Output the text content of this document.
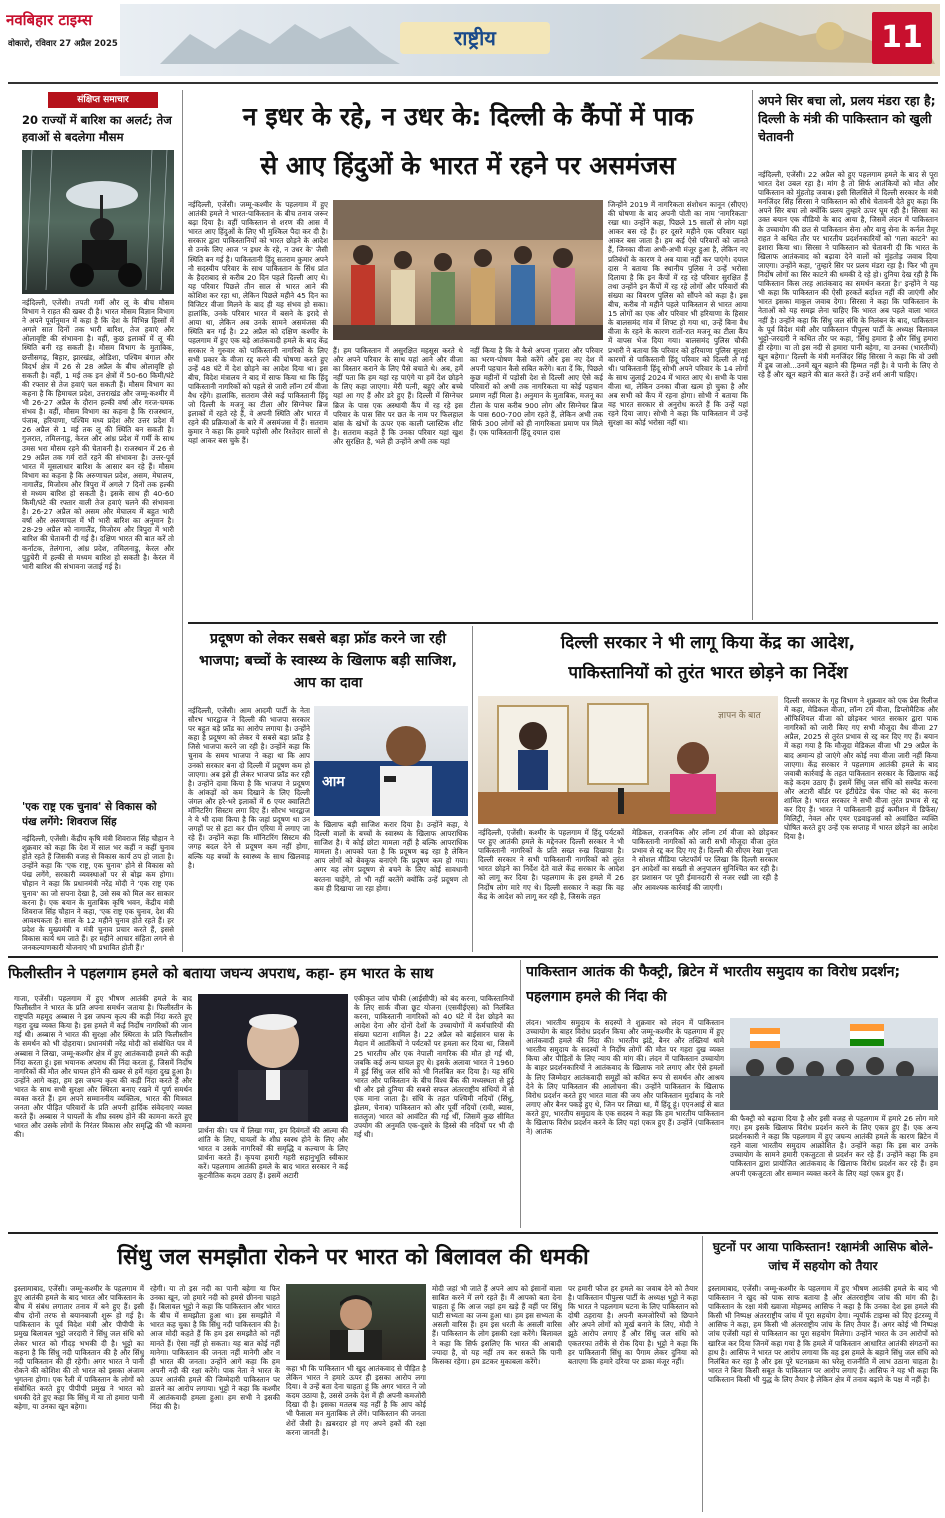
नवबिहार टाइम्स
वोकारो, रविवार 27 अप्रैल 2025	राष्ट्रीय	11
संक्षिप्त समाचार
20 राज्यों में बारिश का अलर्ट; तेज हवाओं से बदलेगा मौसम

नईदिल्ली, एजेंसी। तपती गर्मी और लू के बीच मौसम विभाग ने राहत की खबर दी है। भारत मौसम विज्ञान विभाग ने अपने पूर्वानुमान में कहा है कि देश के विभिन्न हिस्सों में अगले सात दिनों तक भारी बारिश, तेज हवाएं और ओलावृष्टि की संभावना है। वहीं, कुछ इलाकों में लू की स्थिति बनी रह सकती है। मौसम विभाग के मुताबिक, छत्तीसगढ़, बिहार, झारखंड, ओडिशा, पश्चिम बंगाल और विदर्भ क्षेत्र में 26 से 28 अप्रैल के बीच ओलावृष्टि हो सकती है। वहीं, 1 मई तक इन क्षेत्रों में 50-60 किमी/घंटे की रफ्तार से तेज हवाएं चल सकती हैं। मौसम विभाग का कहना है कि हिमाचल प्रदेश, उत्तराखंड और जम्मू-कश्मीर में भी 26-27 अप्रैल के दौरान हल्की वर्षा और गरज-चमक संभव है। वहीं, मौसम विभाग का कहना है कि राजस्थान, पंजाब, हरियाणा, पश्चिम मध्य प्रदेश और उत्तर प्रदेश में 26 अप्रैल से 1 मई तक लू की स्थिति बन सकती है। गुजरात, तमिलनाडु, केरल और आंध्र प्रदेश में गर्मी के साथ उमस भरा मौसम रहने की चेतावनी है। राजस्थान में 26 से 29 अप्रैल तक गर्म रातें रहने की संभावना है। उत्तर-पूर्व भारत में मूसलाधार बारिश के आसार बन रहे हैं। मौसम विभाग का कहना है कि अरुणाचल प्रदेश, असम, मेघालय, नागालैंड, मिजोरम और त्रिपुरा में अगले 7 दिनों तक हल्की से मध्यम बारिश हो सकती है। इसके साथ ही 40-60 किमी/घंटे की रफ्तार वाली तेज हवाएं चलने की संभावना है। 26-27 अप्रैल को असम और मेघालय में बहुत भारी वर्षा और अरुणाचल में भी भारी बारिश का अनुमान है। 28-29 अप्रैल को नागालैंड, मिजोरम और त्रिपुरा में भारी बारिश की चेतावनी दी गई है। दक्षिण भारत की बात करें तो कर्नाटक, तेलंगाना, आंध्र प्रदेश, तमिलनाडु, केरल और पुडुचेरी में हल्की से मध्यम बारिश हो सकती है। केरल में भारी बारिश की संभावना जताई गई है।

'एक राष्ट्र एक चुनाव' से विकास को पंख लगेंगे: शिवराज सिंह

नईदिल्ली, एजेंसी। केंद्रीय कृषि मंत्री शिवराज सिंह चौहान ने शुक्रवार को कहा कि देश में साल भर कहीं न कहीं चुनाव होते रहते हैं जिसकी वजह से विकास कार्य ठप हो जाता है। उन्होंने कहा कि 'एक राष्ट्र, एक चुनाव' होने से विकास को पंख लगेंगे, सरकारी व्यवस्थाओं पर से बोझ कम होगा। चौहान ने कहा कि प्रधानमंत्री नरेंद्र मोदी ने 'एक राष्ट्र एक चुनाव' का जो सपना देखा है, उसे सब को मिल कर साकार करना है। एक बयान के मुताबिक कृषि भवन, केंद्रीय मंत्री शिवराज सिंह चौहान ने कहा, 'एक राष्ट्र एक चुनाव, देश की आवश्यकता है। साल के 12 महीने चुनाव होते रहते हैं। हर प्रदेश के मुख्यमंत्री व मंत्री चुनाव प्रचार करते हैं, इससे विकास कार्य थम जाते हैं। हर महीने आचार संहिता लगने से जनकल्याणकारी योजनाएं भी प्रभावित होती हैं।'

न इधर के रहे, न उधर के: दिल्ली के कैंपों में पाक
से आए हिंदुओं के भारत में रहने पर असमंजस

नईदिल्ली, एजेंसी। जम्मू-कश्मीर के पहलगाम में हुए आतंकी हमले ने भारत-पाकिस्तान के बीच तनाव जरूर बढ़ा दिया है। वहीं पाकिस्तान से शरण की आस में भारत आए हिंदुओं के लिए भी मुश्किल पैदा कर दी है। सरकार द्वारा पाकिस्तानियों को भारत छोड़ने के आदेश से उनके लिए आज 'न इधर के रहे, न उधर के' जैसी स्थिति बन गई है। पाकिस्तानी हिंदू सतराम कुमार अपने नौ सदस्यीय परिवार के साथ पाकिस्तान के सिंध प्रांत के हैदराबाद से करीब 20 दिन पहले दिल्ली आए थे। यह परिवार पिछले तीन साल से भारत आने की कोशिश कर रहा था, लेकिन पिछले महीने 45 दिन का विजिटर वीजा मिलने के बाद ही यह संभव हो सका। हालांकि, उनके परिवार भारत में बसने के इरादे से आया था, लेकिन अब उनके सामने असमंजस की स्थिति बन गई है। 22 अप्रैल को दक्षिण कश्मीर के पहलगाम में हुए एक बड़े आतंकवादी हमले के बाद केंद्र सरकार ने गुरुवार को पाकिस्तानी नागरिकों के लिए सभी प्रकार के वीजा रद्द करने की घोषणा करते हुए उन्हें 48 घंटे में देश छोड़ने का आदेश दिया था। इस बीच, विदेश मंत्रालय ने बाद में साफ किया था कि हिंदू पाकिस्तानी नागरिकों को पहले से जारी लॉन्ग टर्म वीजा वैध रहेंगे। हालांकि, सतराम जैसे कई पाकिस्तानी हिंदू जो दिल्ली के मजनू का टीला और सिग्नेचर ब्रिज इलाकों में रहते रहे हैं, वे अपनी स्थिति और भारत में रहने की प्रक्रियाओं के बारे में असमंजस में हैं। सतराम कुमार ने कहा कि हमारे पड़ोसी और रिश्तेदार सालों से यहां आकर बस चुके हैं।

हैं। हम पाकिस्तान में असुरक्षित महसूस करते थे और अपने परिवार के साथ यहां आने और वीजा का विस्तार कराने के लिए पैसे बचाते थे। अब, हमें नहीं पता कि हम यहां रह पाएंगे या हमें देश छोड़ने के लिए कहा जाएगा। मेरी पत्नी, बहुएं और बच्चे यहां आ गए हैं और डरे हुए हैं। दिल्ली में सिग्नेचर ब्रिज के पास एक अस्थायी कैंप में रह रहे इस परिवार के पास सिर पर छत के नाम पर फिलहाल बांस के खंभों के ऊपर एक काली प्लास्टिक शीट है। सतराम कहते हैं कि उनका परिवार यहां खुश और सुरक्षित है, भले ही उन्होंने अभी तक यहां

नहीं किया है कि वे कैसे अपना गुजारा और परिवार का भरण-पोषण कैसे करेंगे और इस नए देश में अपनी पहचान कैसे सबित करेंगे। बता दें कि, पिछले कुछ महीनों में पड़ोसी देश से दिल्ली आए ऐसे कई परिवारों को अभी तक नागरिकता या कोई पहचान प्रमाण नहीं मिला है। अनुमान के मुताबिक, मजनू का टीला के पास करीब 900 लोग और सिग्नेचर ब्रिज के पास 600-700 लोग रहते हैं, लेकिन अभी तक सिर्फ 300 लोगों को ही नागरिकता प्रमाण पत्र मिले हैं। एक पाकिस्तानी हिंदू दयाल दास

जिन्होंने 2019 में नागरिकता संशोधन कानून (सीएए) की घोषणा के बाद अपनी पोती का नाम 'नागरिकता' रखा था। उन्होंने कहा, पिछले 15 सालों से लोग यहां आकर बस रहे हैं। हर दूसरे महीने एक परिवार यहां आकर बस जाता है। हम कई ऐसे परिवारों को जानते हैं, जिनका वीजा अभी-अभी मंजूर हुआ है, लेकिन नए प्रतिबंधों के कारण वे अब यात्रा नहीं कर पाएंगे। दयाल दास ने बताया कि स्थानीय पुलिस ने उन्हें भरोसा दिलाया है कि इन कैंपों में रह रहे परिवार सुरक्षित हैं तथा उन्होंने इन कैंपों में रह रहे लोगों और परिवारों की संख्या का विवरण पुलिस को सौंपने को कहा है। इस बीच, करीब नौ महीने पहले पाकिस्तान से भारत आया 15 लोगों का एक और परिवार भी हरियाणा के हिसार के बालसमंद गांव में शिफ्ट हो गया था, उन्हें बिना वैध वीजा के रहने के कारण रातों-रात मजनू का टीला कैंप में वापस भेज दिया गया। बालसमंद पुलिस चौकी प्रभारी ने बताया कि परिवार को हरियाणा पुलिस सुरक्षा कारणों से पाकिस्तानी हिंदू परिवार को दिल्ली ले गई थी। पाकिस्तानी हिंदू सोभी अपने परिवार के 14 लोगों के साथ जुलाई 2024 में भारत आए थे। सभी के पास वीजा था, लेकिन उनका वीजा खत्म हो चुका है और अब सभी को कैंप में रहना होगा। सोभी ने बताया कि वह भारत सरकार से अनुरोध करते हैं कि उन्हें यहां रहने दिया जाए। सोभी ने कहा कि पाकिस्तान में उन्हें सुरक्षा का कोई भरोसा नहीं था।

अपने सिर बचा लो, प्रलय मंडरा रहा है; दिल्ली के मंत्री की पाकिस्तान को खुली चेतावनी

नईदिल्ली, एजेंसी। 22 अप्रैल को हुए पहलगाम हमले के बाद से पूरा भारत देश उबल रहा है। मांग है तो सिर्फ आतंकियों को मौत और पाकिस्तान को मुंहतोड़ जवाब। इसी सिलसिले में दिल्ली सरकार के मंत्री मनजिंदर सिंह सिरसा ने पाकिस्तान को सीधे चेतावनी देते हुए कहा कि अपने सिर बचा लो क्योंकि प्रलय तुम्हारे ऊपर घूम रही है। सिरसा का उक्त बयान एक वीडियो के बाद आया है, जिसमें लंदन में पाकिस्तान के उच्चायोग की छत से पाकिस्तान सेना और वायु सेना के कर्नल तैमूर राहत ने कथित तौर पर भारतीय प्रदर्शनकारियों को 'गला काटने' का इशारा किया था। सिरसा ने पाकिस्तान को चेतावनी दी कि भारत के खिलाफ आतंकवाद को बढ़ावा देने वालों को मुंहतोड़ जवाब दिया जाएगा। उन्होंने कहा, 'तुम्हारे सिर पर प्रलय मंडरा रहा है। फिर भी तुम निर्दोष लोगों का सिर काटने की धमकी दे रहे हो। दुनिया देख रही है कि पाकिस्तान किस तरह आतंकवाद का समर्थन करता है।' इन्होंने ने यह भी कहा कि पाकिस्तान की ऐसी हरकतें बर्दाश्त नहीं की जाएंगी और भारत इसका माकूल जवाब देगा। सिरसा ने कहा कि पाकिस्तान के नेताओं को यह समझ लेना चाहिए कि भारत अब पहले वाला भारत नहीं है। उन्होंने कहा कि सिंधु जल संधि के निलंबन के बाद, पाकिस्तान के पूर्व विदेश मंत्री और पाकिस्तान पीपुल्स पार्टी के अध्यक्ष बिलावल भुट्टो-जरदारी ने कथित तौर पर कहा, 'सिंधु हमारा है और सिंधु हमारा ही रहेगा। या तो इस नदी से हमारा पानी बहेगा, या उनका (भारतीयों) खून बहेगा।' दिल्ली के मंत्री मनजिंदर सिंह सिरसा ने कहा कि वो उसी में डूब जाओ...उनमें खून बहाने की हिम्मत नहीं है। वे पानी के लिए रो रहे हैं और खून बहाने की बात करते हैं। उन्हें शर्म आनी चाहिए।

प्रदूषण को लेकर सबसे बड़ा फ्रॉड करने जा रही भाजपा; बच्चों के स्वास्थ्य के खिलाफ बड़ी साजिश, आप का दावा

नईदिल्ली, एजेंसी। आम आदमी पार्टी के नेता सौरभ भारद्वाज ने दिल्ली की भाजपा सरकार पर बहुत बड़े फ्रॉड का आरोप लगाया है। उन्होंने कहा है प्रदूषण को लेकर ये सबसे बड़ा फ्रॉड है जिसे भाजपा करने जा रही है। उन्होंने कहा कि चुनाव के समय भाजपा ने कहा था कि आप उनको सरकार बना दो दिल्ली में प्रदूषण कम हो जाएगा। अब इसे ही लेकर भाजपा फ्रॉड कर रही है। उन्होंने दावा किया है कि भाजपा ने प्रदूषण के आंकड़ों को कम दिखाने के लिए दिल्ली जंगल और हरे-भरे इलाकों में 6 एयर क्वालिटी मॉनिटरिंग सिस्टम लगा दिए हैं। सौरभ भारद्वाज ने ये भी दावा किया है कि जहां प्रदूषण था उन जगहों पर से हटा कर ग्रीन एरिया में लगाए जा रहे हैं। उन्होंने कहा कि मॉनिटरिंग सिस्टम की जगह बदल देने से प्रदूषण कम नहीं होगा, बल्कि यह बच्चों के स्वास्थ्य के साथ खिलवाड़ है।

आम

के खिलाफ बड़ी साजिश करार दिया है। उन्होंने कहा, ये दिल्ली वालों के बच्चों के स्वास्थ्य के खिलाफ आपराधिक साजिश है। ये कोई छोटा मामला नहीं है बल्कि आपराधिक मामला है। आपको पता है कि प्रदूषण बढ़ रहा है लेकिन आप लोगों को बेवकूफ बनाएंगे कि प्रदूषण कम हो गया। अगर यह लोग प्रदूषण से बचने के लिए कोई सावधानी बरतना चाहेंगे, तो भी नहीं बरतेंगे क्योंकि उन्हें प्रदूषण तो कम ही दिखाया जा रहा होगा।

दिल्ली सरकार ने भी लागू किया केंद्र का आदेश,
पाकिस्तानियों को तुरंत भारत छोड़ने का निर्देश
ज्ञापन के बात

नईदिल्ली, एजेंसी। कश्मीर के पहलगाम में हिंदू पर्यटकों पर हुए आतंकी हमले के मद्देनजर दिल्ली सरकार ने भी पाकिस्तानी नागरिकों के प्रति सख्त रुख दिखाया है। दिल्ली सरकार ने सभी पाकिस्तानी नागरिकों को तुरंत भारत छोड़ने का निर्देश देते वाले केंद्र सरकार के आदेश को लागू कर दिया है। पहलगाम के इस हमले में 26 निर्दोष लोग मारे गए थे। दिल्ली सरकार ने कहा कि वह केंद्र के आदेश को लागू कर रही है, जिसके तहत

मेडिकल, राजनयिक और लॉन्ग टर्म वीजा को छोड़कर पाकिस्तानी नागरिकों को जारी सभी मौजूदा वीजा तुरंत प्रभाव से रद्द कर दिए गए हैं। दिल्ली की सीएम रेखा गुप्ता ने सोशल मीडिया प्लेटफॉर्म पर लिखा कि दिल्ली सरकार इन आदेशों का सख्ती से अनुपालन सुनिश्चित कर रही है। हर प्रशासन पर पूरी ईमानदारी से नजर रखी जा रही है और आवश्यक कार्रवाई की जाएगी।

दिल्ली सरकार के गृह विभाग ने शुक्रवार को एक प्रेस रिलीज में कहा, मेडिकल वीजा, लॉन्ग टर्म वीजा, डिप्लोमैटिक और ऑफिशियल वीजा को छोड़कर भारत सरकार द्वारा पाक नागरिकों को जारी किए गए सभी मौजूदा वैध वीजा 27 अप्रैल, 2025 से तुरंत प्रभाव से रद्द कर दिए गए हैं। बयान में कहा गया है कि मौजूदा मेडिकल वीजा भी 29 अप्रैल के बाद अमान्य हो जाएंगे और कोई नया वीजा जारी नहीं किया जाएगा। केंद्र सरकार ने पहलगाम आतंकी हमले के बाद जवाबी कार्रवाई के तहत पाकिस्तान सरकार के खिलाफ कई कड़े कदम उठाए हैं। इसमें सिंधु जल संधि को सस्पेंड करना और अटारी बॉर्डर पर इंटीग्रेटेड चेक पोस्ट को बंद करना शामिल है। भारत सरकार ने सभी वीजा तुरंत प्रभाव से रद्द कर दिए हैं। भारत ने पाकिस्तानी हाई कमीशन में डिफेंस/मिलिट्री, नेवल और एयर एडवाइजर्स को अवांछित व्यक्ति घोषित करते हुए उन्हें एक सप्ताह में भारत छोड़ने का आदेश दिया है।

फिलीस्तीन ने पहलगाम हमले को बताया जघन्य अपराध, कहा- हम भारत के साथ

गाजा, एजेंसी। पहलगाम में हुए भीषण आतंकी हमले के बाद फिलीस्तीन ने भारत के प्रति अपना समर्थन जताया है। फिलीस्तीन के राष्ट्रपति महमूद अब्बास ने इस जघन्य कृत्य की कड़ी निंदा करते हुए गहरा दुख व्यक्त किया है। इस हमले में कई निर्दोष नागरिकों की जान गई थी। अब्बास ने भारत की सुरक्षा और स्थिरता के प्रति फिलीस्तीन के समर्थन को भी दोहराया। प्रधानमंत्री नरेंद्र मोदी को संबोधित पत्र में अब्बास ने लिखा, जम्मू-कश्मीर क्षेत्र में हुए आतंकवादी हमले की कड़ी निंदा करता हूं। इस भयानक अपराध की निंदा करता हूं, जिसमें निर्दोष नागरिकों की मौत और घायल होने की खबर से हमें गहरा दुख हुआ है। उन्होंने आगे कहा, हम इस जघन्य कृत्य की कड़ी निंदा करते हैं और भारत के साथ सभी सुरक्षा और स्थिरता बनाए रखने में पूर्ण समर्थन व्यक्त करते हैं। हम अपने सम्माननीय व्यक्तित्व, भारत की मित्रवत जनता और पीड़ित परिवारों के प्रति अपनी हार्दिक संवेदनाएं व्यक्त करते हैं। अब्बास ने घायलों के शीघ्र स्वस्थ होने की कामना करते हुए भारत और उसके लोगों के निरंतर विकास और समृद्धि की भी कामना की।	प्रार्थना की। पत्र में लिखा गया, हम दिवंगतों की आत्मा की शांति के लिए, घायलों के शीघ्र स्वस्थ होने के लिए और भारत व उसके नागरिकों की समृद्धि व कल्याण के लिए प्रार्थना करते हैं। कृपया हमारी गहरी सहानुभूति स्वीकार करें। पहलगाम आतंकी हमले के बाद भारत सरकार ने कई कूटनीतिक कदम उठाए हैं। इसमें अटारी

एकीकृत जांच चौकी (आईसीपी) को बंद करना, पाकिस्तानियों के लिए सार्क वीजा छूट योजना (एसवीईएस) को निलंबित करना, पाकिस्तानी नागरिकों को 40 घंटे में देश छोड़ने का आदेश देना और दोनों देशों के उच्चायोगों में कर्मचारियों की संख्या घटाना शामिल है। 22 अप्रैल को बाईसारन घास के मैदान में आतंकियों ने पर्यटकों पर हमला कर दिया था, जिसमें 25 भारतीय और एक नेपाली नागरिक की मौत हो गई थी, जबकि कई अन्य घायल हुए थे। इसके अलावा भारत ने 1960 में हुई सिंधु जल संधि को भी निलंबित कर दिया है। यह संधि भारत और पाकिस्तान के बीच विश्व बैंक की मध्यस्थता से हुई थी और इसे दुनिया की सबसे सफल अंतरराष्ट्रीय संधियों में से एक माना जाता है। संधि के तहत पश्चिमी नदियों (सिंधु, झेलम, चेनाब) पाकिस्तान को और पूर्वी नदियों (रावी, ब्यास, सतलुज) भारत को आवंटित की गई थीं, जिसमें कुछ सीमित उपयोग की अनुमति एक-दूसरे के हिस्से की नदियों पर भी दी गई थी।

पाकिस्तान आतंक की फैक्ट्री, ब्रिटेन में भारतीय समुदाय का विरोध प्रदर्शन; पहलगाम हमले की निंदा की

लंदन। भारतीय समुदाय के सदस्यों ने शुक्रवार को लंदन में पाकिस्तान उच्चायोग के बाहर विरोध प्रदर्शन किया और जम्मू-कश्मीर के पहलगाम में हुए आतंकवादी हमले की निंदा की। भारतीय झंडे, बैनर और तख्तियां थामे भारतीय समुदाय के सदस्यों ने निर्दोष लोगों की मौत पर गहरा दुख व्यक्त किया और पीड़ितों के लिए न्याय की मांग की। लंदन में पाकिस्तान उच्चायोग के बाहर प्रदर्शनकारियों ने आतंकवाद के खिलाफ नारे लगाए और ऐसे हमलों के लिए जिम्मेदार आतंकवादी समूहों को कथित रूप से समर्थन और आश्रय देने के लिए पाकिस्तान की आलोचना की। उन्होंने पाकिस्तान के खिलाफ विरोध प्रदर्शन करते हुए भारत माता की जय और पाकिस्तान मुर्दाबाद के नारे लगाए और बैनर पकड़े हुए थे, जिन पर लिखा था, मैं हिंदू हूं। एएनआई से बात करते हुए, भारतीय समुदाय के एक सदस्य ने कहा कि हम भारतीय पाकिस्तान के खिलाफ विरोध प्रदर्शन करने के लिए यहां एकत्र हुए हैं। उन्होंने (पाकिस्तान ने) आतंक

की फैक्ट्री को बढ़ावा दिया है और इसी वजह से पहलगाम में हमारे 26 लोग मारे गए। हम इसके खिलाफ विरोध प्रदर्शन करने के लिए एकत्र हुए हैं। एक अन्य प्रदर्शनकारी ने कहा कि पहलगाम में हुए जघन्य आतंकी हमले के कारण ब्रिटेन में रहने वाला भारतीय समुदाय आक्रोशित है। उन्होंने कहा कि इस बार उनके उच्चायोग के सामने हमारी एकजुटता से प्रदर्शन कर रहे हैं। उन्होंने कहा कि हम पाकिस्तान द्वारा प्रायोजित आतंकवाद के खिलाफ विरोध प्रदर्शन कर रहे हैं। हम अपनी एकजुटता और सम्मान व्यक्त करने के लिए यहां एकत्र हुए हैं।

सिंधु जल समझौता रोकने पर भारत को बिलावल की धमकी

इस्लामाबाद, एजेंसी। जम्मू-कश्मीर के पहलगाम में हुए आतंकी हमले के बाद भारत और पाकिस्तान के बीच में संबंध लगातार तनाव में बने हुए हैं। इसी बीच दोनों तरफ से बयानबाजी शुरू हो गई है। पाकिस्तान के पूर्व विदेश मंत्री और पीपीपी के प्रमुख बिलावल भुट्टो जरदारी ने सिंधु जल संधि को लेकर भारत को गीदड़ भभकी दी है। भुट्टो का कहना है कि सिंधु नदी पाकिस्तान की है और सिंधु नदी पाकिस्तान की ही रहेगी। अगर भारत ने पानी रोकने की कोशिश की तो भारत को इसका अंजाम भुगतना होगा। एक रैली में पाकिस्तान के लोगों को संबोधित करते हुए पीपीपी प्रमुख ने भारत को धमकी देते हुए कहा कि सिंधु में या तो हमारा पानी बहेगा, या उनका खून बहेगा।

रहेगी। या तो इस नदी का पानी बहेगा या फिर उनका खून, जो हमारे नदी को हमसे छीनना चाहते हैं। बिलावल भुट्टो ने कहा कि पाकिस्तान और भारत के बीच में समझौता हुआ था। इस समझौते में भारत कह चुका है कि सिंधु नदी पाकिस्तान की है। आज मोदी कहते हैं कि हम इस समझौते को नहीं मानते हैं। ऐसा नहीं हो सकता। यह बात कोई नहीं मानेगा। पाकिस्तान की जनता नहीं मानेगी और न ही भारत की जनता। उन्होंने आगे कहा कि हम अपनी नदी की रक्षा करेंगे। पाक नेता ने भारत के ऊपर आतंकी हमले की जिम्मेदारी पाकिस्तान पर डालने का आरोप लगाया। भुट्टो ने कहा कि कश्मीर में आतंकवादी हमला हुआ। हम सभी ने इसकी निंदा की है।

कहा भी कि पाकिस्तान भी खुद आतंकवाद से पीड़ित है लेकिन भारत ने हमारे ऊपर ही इसका आरोप लगा दिया। वे उन्हें बता देना चाहता हूं कि अगर भारत ने जो कदम उठाया है, उससे उनके देश में ही अपनी कमजोरी दिखा दी है। इसका मतलब यह नहीं है कि आप कोई भी फैसला मन मुताबिक ले लेंगे। पाकिस्तान की जनता शेरों जैसी है। ख़बरदार हो गए अपने हकों की रक्षा करना जानती है।

मोदी जहां भी जाते हैं अपने आप को इंसानों वाला साबित करने में लगे रहते हैं। मैं आपको बता देना चाहता हूं कि आज जहां हम खड़े हैं वहीं पर सिंधु घाटी सभ्यता का जन्म हुआ था। हम इस सभ्यता के असली वारिस हैं। हम इस धरती के असली वारिस हैं। पाकिस्तान के लोग इसकी रक्षा करेंगे। बिलावल ने कहा कि सिर्फ इसलिए कि भारत की आबादी ज्यादा है, वो यह नहीं तय कर सकते कि पानी किसका रहेगा। हम डटकर मुकाबला करेंगे।

पर हमारी फौज हर हमले का जवाब देने को तैयार है। पाकिस्तान पीपुल्स पार्टी के अध्यक्ष भुट्टो ने कहा कि भारत ने पहलगाम घटना के लिए पाकिस्तान को दोषी ठहराया है। अपनी कमजोरियों को छिपाने और अपने लोगों को मूर्ख बनाने के लिए, मोदी ने झूठे आरोप लगाए हैं और सिंधु जल संधि को एकतरफा तरीके से रोक दिया है। भुट्टो ने कहा कि हर पाकिस्तानी सिंधु का पैगाम लेकर दुनिया को बताएगा कि हमारे दरिया पर डाका मंजूर नहीं।

घुटनों पर आया पाकिस्तान! रक्षामंत्री आसिफ बोले-जांच में सहयोग को तैयार

इस्लामाबाद, एजेंसी। जम्मू-कश्मीर के पहलगाम में हुए भीषण आतंकी हमले के बाद भी पाकिस्तान ने खुद को पाक साफ बताया है और अंतरराष्ट्रीय जांच की मांग की है। पाकिस्तान के रक्षा मंत्री ख्वाजा मोहम्मद आसिफ ने कहा है कि उनका देश इस हमले की किसी भी निष्पक्ष अंतरराष्ट्रीय जांच में पूरा सहयोग देगा। न्यूयॉर्क टाइम्स को दिए इंटरव्यू में आसिफ ने कहा, हम किसी भी अंतरराष्ट्रीय जांच के लिए तैयार हैं। अगर कोई भी निष्पक्ष जांच एजेंसी यहां से पाकिस्तान का पूरा सहयोग मिलेगा। उन्होंने भारत के उन आरोपों को खारिज कर दिया जिनमें कहा गया है कि हमले में पाकिस्तान आधारित आतंकी संगठनों का हाथ है। आसिफ ने भारत पर आरोप लगाया कि वह इस हमले के बहाने सिंधु जल संधि को निलंबित कर रहा है और इस पूरे घटनाक्रम का घरेलू राजनीति में लाभ उठाना चाहता है। भारत ने बिना किसी सबूत के पाकिस्तान पर आरोप लगाए हैं। आसिफ ने यह भी कहा कि पाकिस्तान किसी भी युद्ध के लिए तैयार है लेकिन क्षेत्र में तनाव बढ़ाने के पक्ष में नहीं है।
